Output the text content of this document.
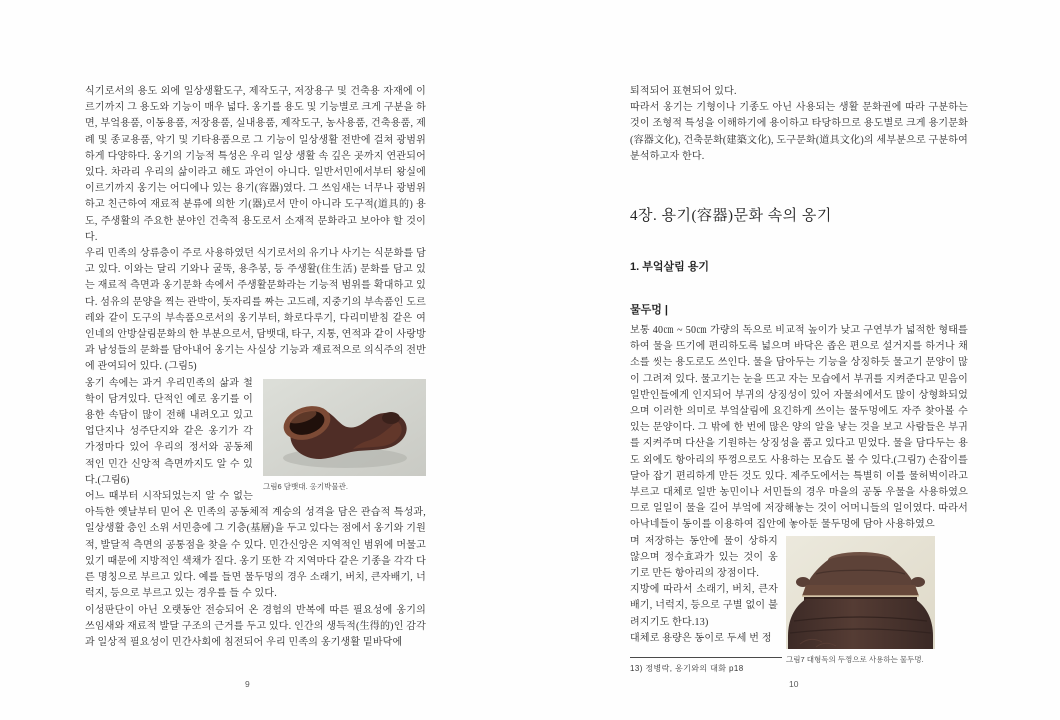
식기로서의 용도 외에 일상생활도구, 제작도구, 저장용구 및 건축용 자재에 이르기까지 그 용도와 기능이 매우 넓다. 옹기를 용도 및 기능별로 크게 구분을 하면, 부엌용품, 이동용품, 저장용품, 실내용품, 제작도구, 농사용품, 건축용품, 제례 및 종교용품, 악기 및 기타용품으로 그 기능이 일상생활 전반에 걸쳐 광범위하게 다양하다. 옹기의 기능적 특성은 우리 일상 생활 속 깊은 곳까지 연관되어있다. 차라리 우리의 삶이라고 해도 과언이 아니다. 일반서민에서부터 왕실에 이르기까지 옹기는 어디에나 있는 용기(容器)였다. 그 쓰임새는 너무나 광범위하고 친근하여 재료적 분류에 의한 기(器)로서 만이 아니라 도구적(道具的) 용도, 주생활의 주요한 분야인 건축적 용도로서 소재적 문화라고 보아야 할 것이다.

우리 민족의 상류층이 주로 사용하였던 식기로서의 유기나 사기는 식문화를 담고 있다. 이와는 달리 기와나 굴뚝, 용추봉, 등 주생활(住生活) 문화를 담고 있는 재료적 측면과 옹기문화 속에서 주생활문화라는 기능적 범위를 확대하고 있다. 섬유의 문양을 찍는 관박이, 돗자리를 짜는 고드레, 지중기의 부속품인 도르레와 같이 도구의 부속품으로서의 옹기부터, 화로다루기, 다리미받침 같은 여인네의 안방살림문화의 한 부분으로서, 담뱃대, 타구, 지통, 연적과 같이 사랑방과 남성들의 문화를 담아내어 옹기는 사실상 기능과 재료적으로 의식주의 전반에 관여되어 있다. (그림5)

그림6 담뱃대. 옹기박물관.

옹기 속에는 과거 우리민족의 삶과 철학이 담겨있다. 단적인 예로 옹기를 이용한 속담이 많이 전해 내려오고 있고 업단지나 성주단지와 같은 옹기가 각 가정마다 있어 우리의 정서와 공동체적인 민간 신앙적 측면까지도 알 수 있다.(그림6)

어느 때부터 시작되었는지 알 수 없는 아득한 옛날부터 믿어 온 민족의 공동체적 계승의 성격을 담은 관습적 특성과, 일상생활 층인 소위 서민층에 그 기층(基層)을 두고 있다는 점에서 옹기와 기원적, 발달적 측면의 공통점을 찾을 수 있다. 민간신앙은 지역적인 범위에 머물고 있기 때문에 지방적인 색채가 짙다. 옹기 또한 각 지역마다 같은 기종을 각각 다른 명칭으로 부르고 있다. 예를 들면 물두멍의 경우 소래기, 버치, 큰자배기, 너럭지, 등으로 부르고 있는 경우를 들 수 있다.

이성판단이 아닌 오랫동안 전승되어 온 경험의 반복에 따른 필요성에 옹기의 쓰임새와 재료적 발달 구조의 근거를 두고 있다. 인간의 생득적(生得的)인 감각과 일상적 필요성이 민간사회에 침전되어 우리 민족의 옹기생활 밑바닥에

퇴적되어 표현되어 있다.

따라서 옹기는 기형이나 기종도 아닌 사용되는 생활 문화권에 따라 구분하는 것이 조형적 특성을 이해하기에 용이하고 타당하므로 용도별로 크게 용기문화(容器文化), 건축문화(建築文化), 도구문화(道具文化)의 세부분으로 구분하여 분석하고자 한다.

4장. 용기(容器)문화 속의 옹기
1. 부엌살림 용기
물두멍 |

보통 40㎝ ~ 50㎝ 가량의 독으로 비교적 높이가 낮고 구연부가 넓적한 형태를 하여 물을 뜨기에 편리하도록 넓으며 바닥은 좁은 편으로 설거지를 하거나 채소를 씻는 용도로도 쓰인다. 물을 담아두는 기능을 상징하듯 물고기 문양이 많이 그려져 있다. 물고기는 눈을 뜨고 자는 모습에서 부귀를 지켜준다고 믿음이 일반인들에게 인지되어 부귀의 상징성이 있어 자물쇠에서도 많이 상형화되었으며 이러한 의미로 부엌살림에 요긴하게 쓰이는 물두멍에도 자주 찾아볼 수 있는 문양이다. 그 밖에 한 번에 많은 양의 알을 낳는 것을 보고 사람들은 부귀를 지켜주며 다산을 기원하는 상징성을 품고 있다고 믿었다. 물을 담다두는 용도 외에도 항아리의 뚜껑으로도 사용하는 모습도 볼 수 있다.(그림7) 손잡이를 달아 잡기 편리하게 만든 것도 있다. 제주도에서는 특별히 이를 물허벅이라고 부르고 대체로 일반 농민이나 서민들의 경우 마을의 공동 우물을 사용하였으므로 일일이 물을 길어 부엌에 저장해놓는 것이 어머니들의 일이였다. 따라서 아낙네들이 동이를 이용하여 집안에 놓아둔 물두멍에 담아 사용하였으

그림7 대형독의 두껑으로 사용하는 물두멍.

며 저장하는 동안에 물이 상하지 않으며 정수효과가 있는 것이 옹기로 만든 항아리의 장점이다.

지방에 따라서 소래기, 버치, 큰자배기, 너럭지, 등으로 구별 없이 불려지기도 한다.13)

대체로 용량은 동이로 두세 번 정

13) 정병락, 옹기와의 대화 p18
9	10
